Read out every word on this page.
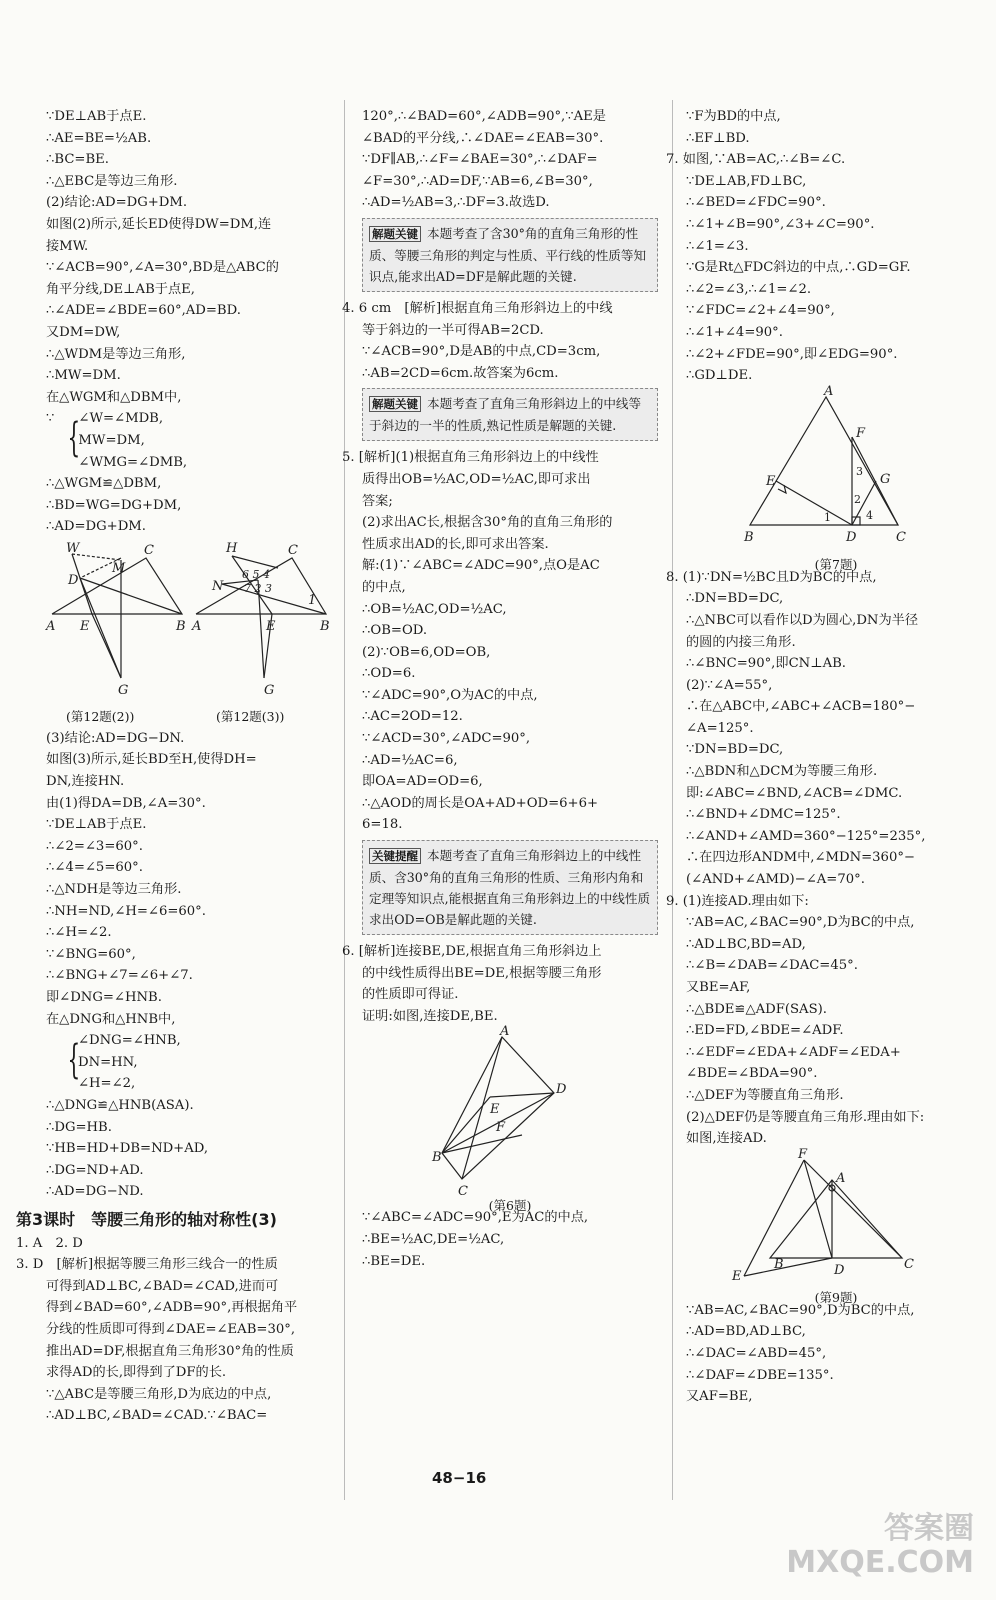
∵DE⊥AB于点E.
∴AE=BE=½AB.
∴BC=BE.
∴△EBC是等边三角形.
(2)结论:AD=DG+DM.
如图(2)所示,延长ED使得DW=DM,连
接MW.
∵∠ACB=90°,∠A=30°,BD是△ABC的
角平分线,DE⊥AB于点E,
∴∠ADE=∠BDE=60°,AD=BD.
又DM=DW,
∴△WDM是等边三角形,
∴MW=DM.
在△WGM和△DBM中,
∵ {
∠W=∠MDB,
MW=DM,
∠WMG=∠DMB,
∴△WGM≌△DBM,
∴BD=WG=DG+DM,
∴AD=DG+DM.
W
M
C
D
A E	B
G
H	C
N
A	E	B
G
1
6 5 4
7 2 3
(第12题(2))	(第12题(3))
(3)结论:AD=DG−DN.
如图(3)所示,延长BD至H,使得DH=
DN,连接HN.
由(1)得DA=DB,∠A=30°.
∵DE⊥AB于点E.
∴∠2=∠3=60°.
∴∠4=∠5=60°.
∴△NDH是等边三角形.
∴NH=ND,∠H=∠6=60°.
∴∠H=∠2.
∵∠BNG=60°,
∴∠BNG+∠7=∠6+∠7.
即∠DNG=∠HNB.
在△DNG和△HNB中,
{
∠DNG=∠HNB,
DN=HN,
∠H=∠2,
∴△DNG≌△HNB(ASA).
∴DG=HB.
∵HB=HD+DB=ND+AD,
∴DG=ND+AD.
∴AD=DG−ND.
第3课时　等腰三角形的轴对称性(3)
1. A　2. D
3. D　[解析]根据等腰三角形三线合一的性质
可得到AD⊥BC,∠BAD=∠CAD,进而可
得到∠BAD=60°,∠ADB=90°,再根据角平
分线的性质即可得到∠DAE=∠EAB=30°,
推出AD=DF,根据直角三角形30°角的性质
求得AD的长,即得到了DF的长.
∵△ABC是等腰三角形,D为底边的中点,
∴AD⊥BC,∠BAD=∠CAD.∵∠BAC=
120°,∴∠BAD=60°,∠ADB=90°,∵AE是
∠BAD的平分线,∴∠DAE=∠EAB=30°.
∵DF∥AB,∴∠F=∠BAE=30°,∴∠DAF=
∠F=30°,∴AD=DF,∵AB=6,∠B=30°,
∴AD=½AB=3,∴DF=3.故选D.
解题关键 本题考查了含30°角的直角三角形的性质、等腰三角形的判定与性质、平行线的性质等知识点,能求出AD=DF是解此题的关键.
4. 6 cm　[解析]根据直角三角形斜边上的中线
等于斜边的一半可得AB=2CD.
∵∠ACB=90°,D是AB的中点,CD=3cm,
∴AB=2CD=6cm.故答案为6cm.
解题关键 本题考查了直角三角形斜边上的中线等于斜边的一半的性质,熟记性质是解题的关键.
5. [解析](1)根据直角三角形斜边上的中线性
质得出OB=½AC,OD=½AC,即可求出
答案;
(2)求出AC长,根据含30°角的直角三角形的
性质求出AD的长,即可求出答案.
解:(1)∵∠ABC=∠ADC=90°,点O是AC
的中点,
∴OB=½AC,OD=½AC,
∴OB=OD.
(2)∵OB=6,OD=OB,
∴OD=6.
∵∠ADC=90°,O为AC的中点,
∴AC=2OD=12.
∵∠ACD=30°,∠ADC=90°,
∴AD=½AC=6,
即OA=AD=OD=6,
∴△AOD的周长是OA+AD+OD=6+6+
6=18.
关键提醒 本题考查了直角三角形斜边上的中线性质、含30°角的直角三角形的性质、三角形内角和定理等知识点,能根据直角三角形斜边上的中线性质求出OD=OB是解此题的关键.
6. [解析]连接BE,DE,根据直角三角形斜边上
的中线性质得出BE=DE,根据等腰三角形
的性质即可得证.
证明:如图,连接DE,BE.
A
D
B
C
E
F
(第6题)
∵∠ABC=∠ADC=90°,E为AC的中点,
∴BE=½AC,DE=½AC,
∴BE=DE.
∵F为BD的中点,
∴EF⊥BD.
7. 如图,∵AB=AC,∴∠B=∠C.
∵DE⊥AB,FD⊥BC,
∴∠BED=∠FDC=90°.
∴∠1+∠B=90°,∠3+∠C=90°.
∴∠1=∠3.
∵G是Rt△FDC斜边的中点,∴GD=GF.
∴∠2=∠3,∴∠1=∠2.
∵∠FDC=∠2+∠4=90°,
∴∠1+∠4=90°.
∴∠2+∠FDE=90°,即∠EDG=90°.
∴GD⊥DE.
A
E
F
G
B	D	C
1
3
2
4
(第7题)
8. (1)∵DN=½BC且D为BC的中点,
∴DN=BD=DC,
∴△NBC可以看作以D为圆心,DN为半径
的圆的内接三角形.
∴∠BNC=90°,即CN⊥AB.
(2)∵∠A=55°,
∴在△ABC中,∠ABC+∠ACB=180°−
∠A=125°.
∵DN=BD=DC,
∴△BDN和△DCM为等腰三角形.
即:∠ABC=∠BND,∠ACB=∠DMC.
∴∠BND+∠DMC=125°.
∴∠AND+∠AMD=360°−125°=235°,
∴在四边形ANDM中,∠MDN=360°−
(∠AND+∠AMD)−∠A=70°.
9. (1)连接AD.理由如下:
∵AB=AC,∠BAC=90°,D为BC的中点,
∴AD⊥BC,BD=AD,
∴∠B=∠DAB=∠DAC=45°.
又BE=AF,
∴△BDE≌△ADF(SAS).
∴ED=FD,∠BDE=∠ADF.
∴∠EDF=∠EDA+∠ADF=∠EDA+
∠BDE=∠BDA=90°.
∴△DEF为等腰直角三角形.
(2)△DEF仍是等腰直角三角形.理由如下:
如图,连接AD.
F
A
B	D	C
E
(第9题)
∵AB=AC,∠BAC=90°,D为BC的中点,
∴AD=BD,AD⊥BC,
∴∠DAC=∠ABD=45°,
∴∠DAF=∠DBE=135°.
又AF=BE,
48−16
答案圈
MXQE.COM
